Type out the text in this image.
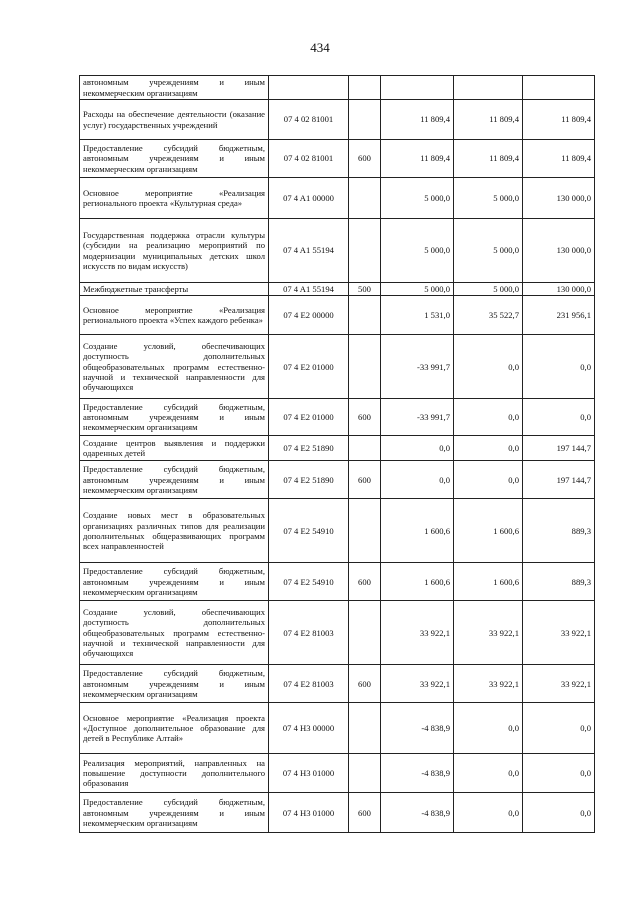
434
автономным учреждениям и иным некоммерческим организациям					
Расходы на обеспечение деятельности (оказание услуг) государственных учреждений	07 4 02 81001		11 809,4	11 809,4	11 809,4
Предоставление субсидий бюджетным, автономным учреждениям и иным некоммерческим организациям	07 4 02 81001	600	11 809,4	11 809,4	11 809,4
Основное мероприятие «Реализация регионального проекта «Культурная среда»	07 4 A1 00000		5 000,0	5 000,0	130 000,0
Государственная поддержка отрасли культуры (субсидии на реализацию мероприятий по модернизации муниципальных детских школ искусств по видам искусств)	07 4 A1 55194		5 000,0	5 000,0	130 000,0
Межбюджетные трансферты	07 4 A1 55194	500	5 000,0	5 000,0	130 000,0
Основное мероприятие «Реализация регионального проекта «Успех каждого ребенка»	07 4 E2 00000		1 531,0	35 522,7	231 956,1
Создание условий, обеспечивающих доступность дополнительных общеобразовательных программ естественно-научной и технической направленности для обучающихся	07 4 E2 01000		-33 991,7	0,0	0,0
Предоставление субсидий бюджетным, автономным учреждениям и иным некоммерческим организациям	07 4 E2 01000	600	-33 991,7	0,0	0,0
Создание центров выявления и поддержки одаренных детей	07 4 E2 51890		0,0	0,0	197 144,7
Предоставление субсидий бюджетным, автономным учреждениям и иным некоммерческим организациям	07 4 E2 51890	600	0,0	0,0	197 144,7
Создание новых мест в образовательных организациях различных типов для реализации дополнительных общеразвивающих программ всех направленностей	07 4 E2 54910		1 600,6	1 600,6	889,3
Предоставление субсидий бюджетным, автономным учреждениям и иным некоммерческим организациям	07 4 E2 54910	600	1 600,6	1 600,6	889,3
Создание условий, обеспечивающих доступность дополнительных общеобразовательных программ естественно-научной и технической направленности для обучающихся	07 4 E2 81003		33 922,1	33 922,1	33 922,1
Предоставление субсидий бюджетным, автономным учреждениям и иным некоммерческим организациям	07 4 E2 81003	600	33 922,1	33 922,1	33 922,1
Основное мероприятие «Реализация проекта «Доступное дополнительное образование для детей в Республике Алтай»	07 4 H3 00000		-4 838,9	0,0	0,0
Реализация мероприятий, направленных на повышение доступности дополнительного образования	07 4 H3 01000		-4 838,9	0,0	0,0
Предоставление субсидий бюджетным, автономным учреждениям и иным некоммерческим организациям	07 4 H3 01000	600	-4 838,9	0,0	0,0
